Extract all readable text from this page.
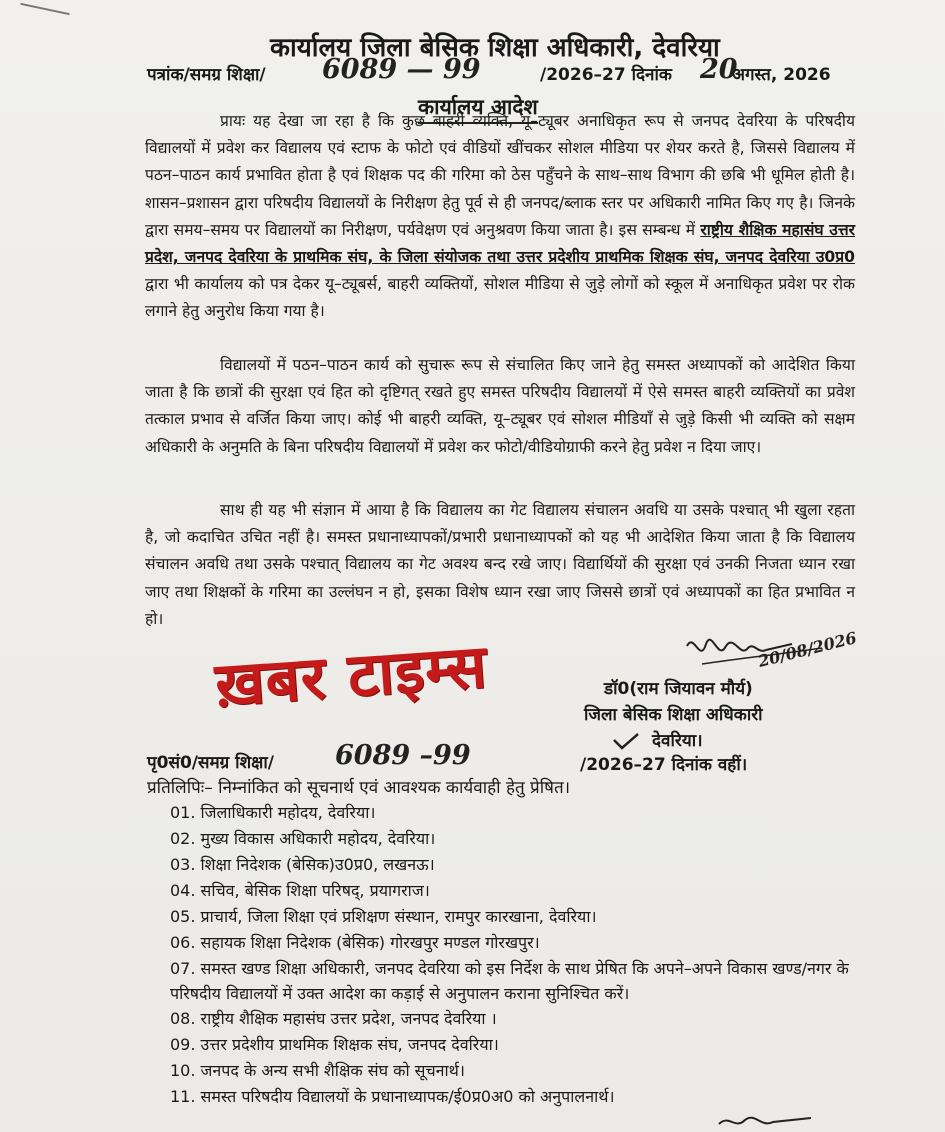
कार्यालय जिला बेसिक शिक्षा अधिकारी, देवरिया
पत्रांक/समग्र शिक्षा/ 6089 — 99	/2026–27 दिनांक 20
अगस्त, 2026
कार्यालय आदेश
प्रायः यह देखा जा रहा है कि कुछ बाहरी व्यक्ति, यू–ट्यूबर अनाधिकृत रूप से जनपद देवरिया के परिषदीय विद्यालयों में प्रवेश कर विद्यालय एवं स्टाफ के फोटो एवं वीडियों खींचकर सोशल मीडिया पर शेयर करते है, जिससे विद्यालय में पठन–पाठन कार्य प्रभावित होता है एवं शिक्षक पद की गरिमा को ठेस पहुँचने के साथ–साथ विभाग की छबि भी धूमिल होती है। शासन–प्रशासन द्वारा परिषदीय विद्यालयों के निरीक्षण हेतु पूर्व से ही जनपद/ब्लाक स्तर पर अधिकारी नामित किए गए है। जिनके द्वारा समय–समय पर विद्यालयों का निरीक्षण, पर्यवेक्षण एवं अनुश्रवण किया जाता है। इस सम्बन्ध में राष्ट्रीय शैक्षिक महासंघ उत्तर प्रदेश, जनपद देवरिया के प्राथमिक संघ, के जिला संयोजक तथा उत्तर प्रदेशीय प्राथमिक शिक्षक संघ, जनपद देवरिया उ0प्र0 द्वारा भी कार्यालय को पत्र देकर यू–ट्यूबर्स, बाहरी व्यक्तियों, सोशल मीडिया से जुड़े लोगों को स्कूल में अनाधिकृत प्रवेश पर रोक लगाने हेतु अनुरोध किया गया है।
विद्यालयों में पठन–पाठन कार्य को सुचारू रूप से संचालित किए जाने हेतु समस्त अध्यापकों को आदेशित किया जाता है कि छात्रों की सुरक्षा एवं हित को दृष्टिगत् रखते हुए समस्त परिषदीय विद्यालयों में ऐसे समस्त बाहरी व्यक्तियों का प्रवेश तत्काल प्रभाव से वर्जित किया जाए। कोई भी बाहरी व्यक्ति, यू–ट्यूबर एवं सोशल मीडियाँ से जुड़े किसी भी व्यक्ति को सक्षम अधिकारी के अनुमति के बिना परिषदीय विद्यालयों में प्रवेश कर फोटो/वीडियोग्राफी करने हेतु प्रवेश न दिया जाए।
साथ ही यह भी संज्ञान में आया है कि विद्यालय का गेट विद्यालय संचालन अवधि या उसके पश्चात् भी खुला रहता है, जो कदाचित उचित नहीं है। समस्त प्रधानाध्यापकों/प्रभारी प्रधानाध्यापकों को यह भी आदेशित किया जाता है कि विद्यालय संचालन अवधि तथा उसके पश्चात् विद्यालय का गेट अवश्य बन्द रखे जाए। विद्यार्थियों की सुरक्षा एवं उनकी निजता ध्यान रखा जाए तथा शिक्षकों के गरिमा का उल्लंघन न हो, इसका विशेष ध्यान रखा जाए जिससे छात्रों एवं अध्यापकों का हित प्रभावित न हो।
ख़बर टाइम्स	20/08/2026
डॉ0(राम जियावन मौर्य)
जिला बेसिक शिक्षा अधिकारी
देवरिया।
पृ0सं0/समग्र शिक्षा/ 6089 –99	/2026–27 दिनांक वहीं।
प्रतिलिपिः– निम्नांकित को सूचनार्थ एवं आवश्यक कार्यवाही हेतु प्रेषित।

01. जिलाधिकारी महोदय, देवरिया।

02. मुख्य विकास अधिकारी महोदय, देवरिया।

03. शिक्षा निदेशक (बेसिक)उ0प्र0, लखनऊ।

04. सचिव, बेसिक शिक्षा परिषद्, प्रयागराज।

05. प्राचार्य, जिला शिक्षा एवं प्रशिक्षण संस्थान, रामपुर कारखाना, देवरिया।

06. सहायक शिक्षा निदेशक (बेसिक) गोरखपुर मण्डल गोरखपुर।

07. समस्त खण्ड शिक्षा अधिकारी, जनपद देवरिया को इस निर्देश के साथ प्रेषित कि अपने–अपने विकास खण्ड/नगर के परिषदीय विद्यालयों में उक्त आदेश का कड़ाई से अनुपालन कराना सुनिश्चित करें।

08. राष्ट्रीय शैक्षिक महासंघ उत्तर प्रदेश, जनपद देवरिया ।

09. उत्तर प्रदेशीय प्राथमिक शिक्षक संघ, जनपद देवरिया।

10. जनपद के अन्य सभी शैक्षिक संघ को सूचनार्थ।

11. समस्त परिषदीय विद्यालयों के प्रधानाध्यापक/ई0प्र0अ0 को अनुपालनार्थ।
